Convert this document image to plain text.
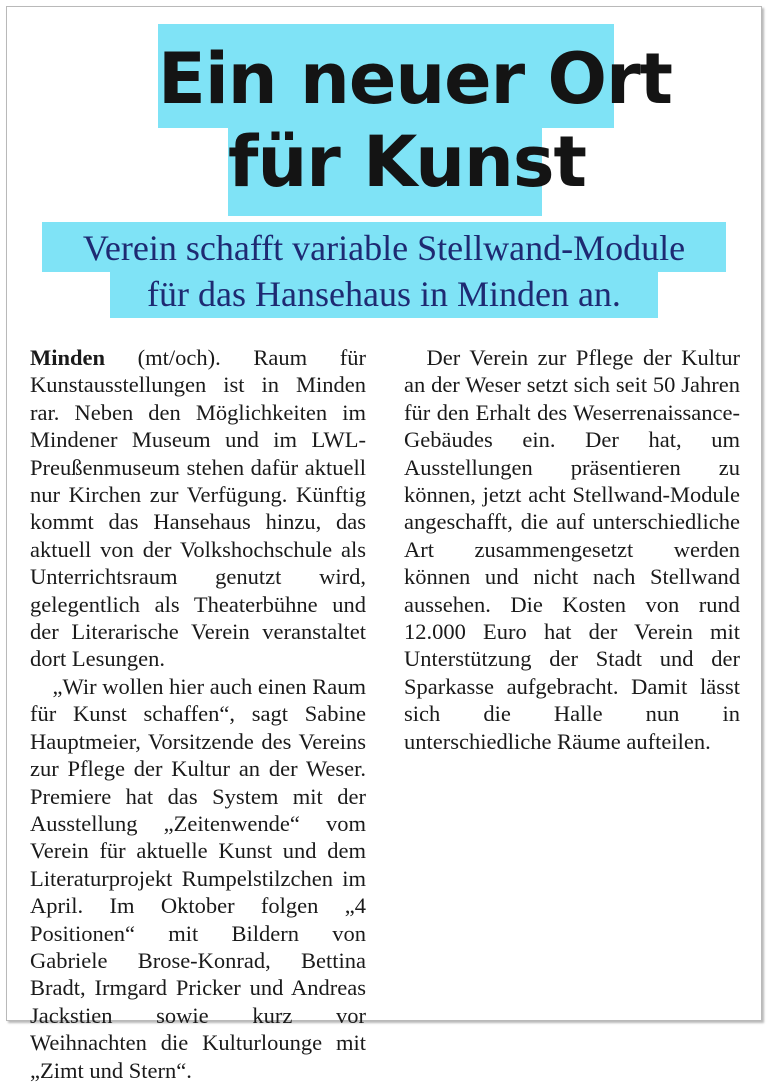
Ein neuer Ort
für Kunst
Verein schafft variable Stellwand-Module
für das Hansehaus in Minden an.

Minden (mt/och). Raum für Kunstausstellungen ist in Minden rar. Neben den Möglichkeiten im Mindener Museum und im LWL-Preußenmuseum stehen dafür aktuell nur Kirchen zur Verfügung. Künftig kommt das Hansehaus hinzu, das aktuell von der Volkshochschule als Unterrichtsraum genutzt wird, gelegentlich als Theaterbühne und der Literarische Verein veranstaltet dort Lesungen.

„Wir wollen hier auch einen Raum für Kunst schaffen“, sagt Sabine Hauptmeier, Vorsitzende des Vereins zur Pflege der Kultur an der Weser. Premiere hat das System mit der Ausstellung „Zeitenwende“ vom Verein für aktuelle Kunst und dem Literaturprojekt Rumpelstilzchen im April. Im Oktober folgen „4 Positionen“ mit Bildern von Gabriele Brose-Konrad, Bettina Bradt, Irmgard Pricker und Andreas Jackstien sowie kurz vor Weihnachten die Kulturlounge mit „Zimt und Stern“.

Der Verein zur Pflege der Kultur an der Weser setzt sich seit 50 Jahren für den Erhalt des Weserrenaissance-Gebäudes ein. Der hat, um Ausstellungen präsentieren zu können, jetzt acht Stellwand-Module angeschafft, die auf unterschiedliche Art zusammengesetzt werden können und nicht nach Stellwand aussehen. Die Kosten von rund 12.000 Euro hat der Verein mit Unterstützung der Stadt und der Sparkasse aufgebracht. Damit lässt sich die Halle nun in unterschiedliche Räume aufteilen.
